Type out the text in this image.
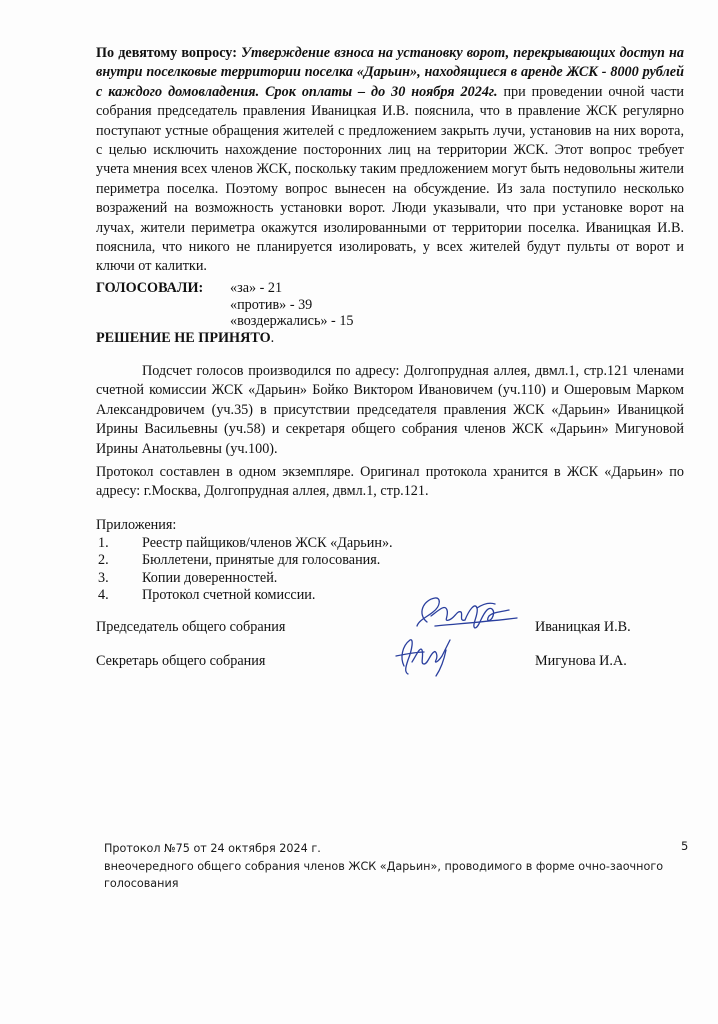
По девятому вопросу: Утверждение взноса на установку ворот, перекрывающих доступ на внутри поселковые территории поселка «Дарьин», находящиеся в аренде ЖСК - 8000 рублей с каждого домовладения. Срок оплаты – до 30 ноября 2024г. при проведении очной части собрания председатель правления Иваницкая И.В. пояснила, что в правление ЖСК регулярно поступают устные обращения жителей с предложением закрыть лучи, установив на них ворота, с целью исключить нахождение посторонних лиц на территории ЖСК. Этот вопрос требует учета мнения всех членов ЖСК, поскольку таким предложением могут быть недовольны жители периметра поселка. Поэтому вопрос вынесен на обсуждение. Из зала поступило несколько возражений на возможность установки ворот. Люди указывали, что при установке ворот на лучах, жители периметра окажутся изолированными от территории поселка. Иваницкая И.В. пояснила, что никого не планируется изолировать, у всех жителей будут пульты от ворот и ключи от калитки.

ГОЛОСОВАЛИ: «за» - 21
«против» - 39
«воздержались» - 15
РЕШЕНИЕ НЕ ПРИНЯТО.
Подсчет голосов производился по адресу: Долгопрудная аллея, двмл.1, стр.121 членами счетной комиссии ЖСК «Дарьин» Бойко Виктором Ивановичем (уч.110) и Ошеровым Марком Александровичем (уч.35) в присутствии председателя правления ЖСК «Дарьин» Иваницкой Ирины Васильевны (уч.58) и секретаря общего собрания членов ЖСК «Дарьин» Мигуновой Ирины Анатольевны (уч.100).
Протокол составлен в одном экземпляре. Оригинал протокола хранится в ЖСК «Дарьин» по адресу: г.Москва, Долгопрудная аллея, двмл.1, стр.121.
Приложения:
1. Реестр пайщиков/членов ЖСК «Дарьин».
2. Бюллетени, принятые для голосования.
3. Копии доверенностей.
4. Протокол счетной комиссии.
Председатель общего собрания	Иваницкая И.В.
Секретарь общего собрания	Мигунова И.А.
Протокол №75 от 24 октября 2024 г.
внеочередного общего собрания членов ЖСК «Дарьин», проводимого в форме очно-заочного голосования
5
